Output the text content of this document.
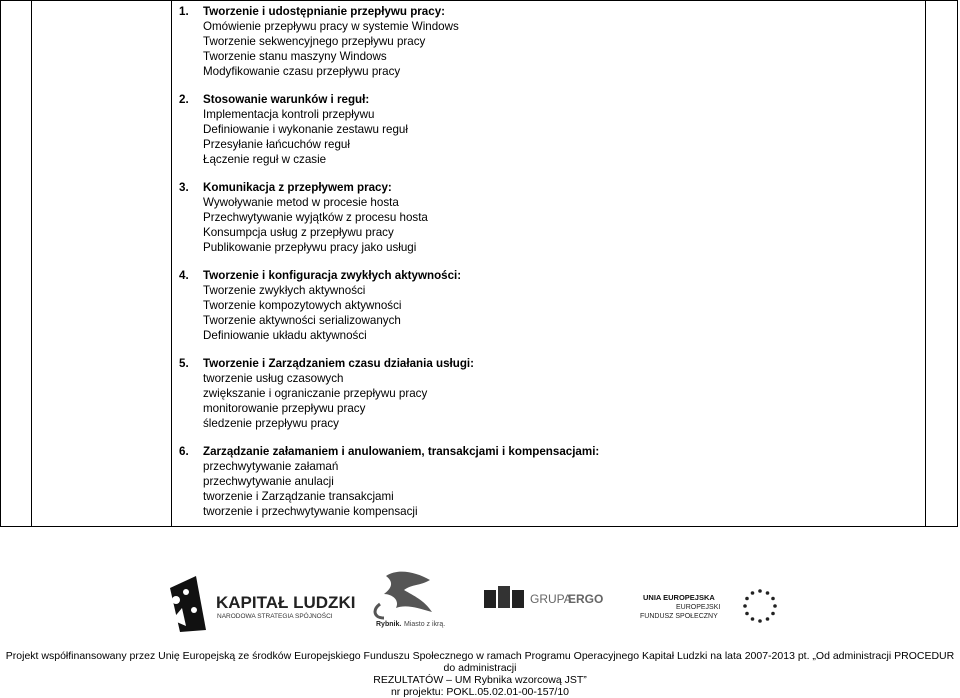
1.	Tworzenie i udostępnianie przepływu pracy:
Omówienie przepływu pracy w systemie Windows
Tworzenie sekwencyjnego przepływu pracy
Tworzenie stanu maszyny Windows
Modyfikowanie czasu przepływu pracy
2.	Stosowanie warunków i reguł:
Implementacja kontroli przepływu
Definiowanie i wykonanie zestawu reguł
Przesyłanie łańcuchów reguł
Łączenie reguł w czasie
3.	Komunikacja z przepływem pracy:
Wywoływanie metod w procesie hosta
Przechwytywanie wyjątków z procesu hosta
Konsumpcja usług z przepływu pracy
Publikowanie przepływu pracy jako usługi
4.	Tworzenie i konfiguracja zwykłych aktywności:
Tworzenie zwykłych aktywności
Tworzenie kompozytowych aktywności
Tworzenie aktywności serializowanych
Definiowanie układu aktywności
5.	Tworzenie i Zarządzaniem czasu działania usługi:
tworzenie usług czasowych
zwiększanie i ograniczanie przepływu pracy
monitorowanie przepływu pracy
śledzenie przepływu pracy
6.	Zarządzanie załamaniem i anulowaniem, transakcjami i kompensacjami:
przechwytywanie załamań
przechwytywanie anulacji
tworzenie i Zarządzanie transakcjami
tworzenie i przechwytywanie kompensacji
KAPITAŁ LUDZKI
NARODOWA STRATEGIA SPÓJNOŚCI
Rybnik. Miasto z ikrą.
GRUPA
ERGO	UNIA EUROPEJSKA
EUROPEJSKI
FUNDUSZ SPOŁECZNY
Projekt współfinansowany przez Unię Europejską ze środków Europejskiego Funduszu Społecznego w ramach Programu Operacyjnego Kapitał Ludzki na lata 2007-2013 pt. „Od administracji PROCEDUR do administracji
REZULTATÓW – UM Rybnika wzorcową JST”
nr projektu: POKL.05.02.01-00-157/10
